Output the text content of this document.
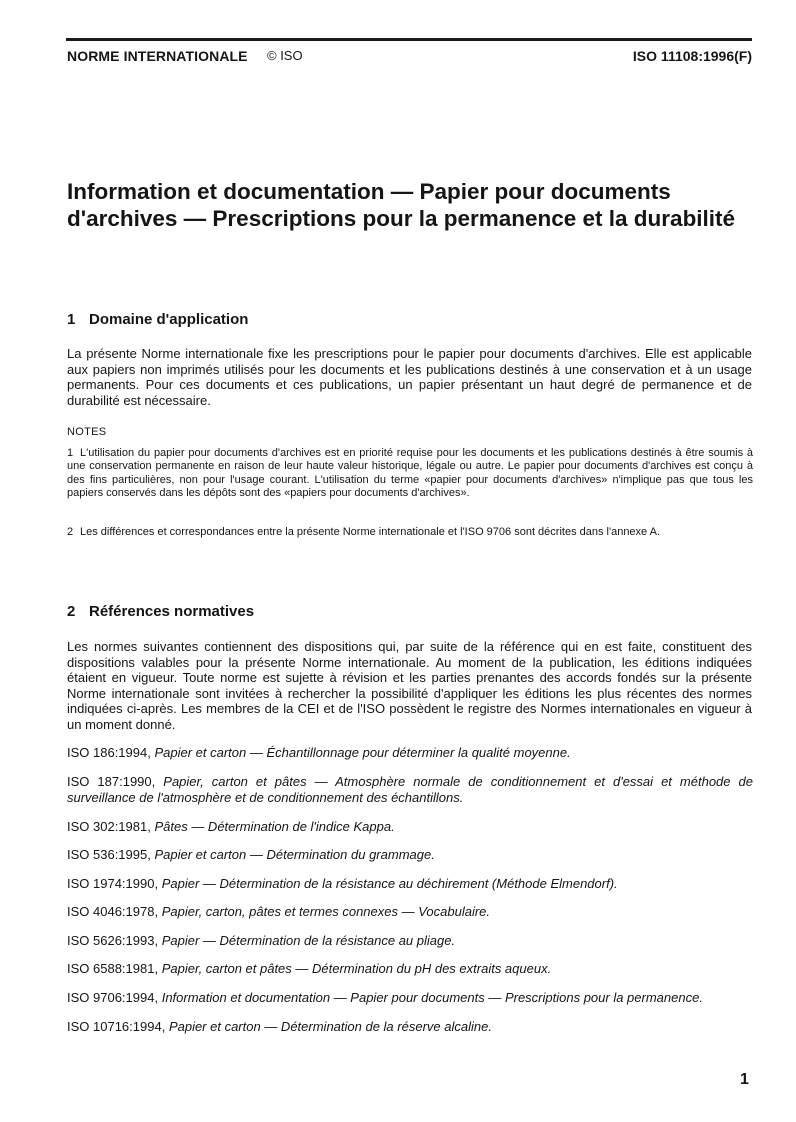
NORME INTERNATIONALE © ISO	ISO 11108:1996(F)
Information et documentation — Papier pour documents d'archives — Prescriptions pour la permanence et la durabilité
1 Domaine d'application
La présente Norme internationale fixe les prescriptions pour le papier pour documents d'archives. Elle est applicable aux papiers non imprimés utilisés pour les documents et les publications destinés à une conservation et à un usage permanents. Pour ces documents et ces publications, un papier présentant un haut degré de permanence et de durabilité est nécessaire.
NOTES
1 L'utilisation du papier pour documents d'archives est en priorité requise pour les documents et les publications destinés à être soumis à une conservation permanente en raison de leur haute valeur historique, légale ou autre. Le papier pour documents d'archives est conçu à des fins particulières, non pour l'usage courant. L'utilisation du terme «papier pour documents d'archives» n'implique pas que tous les papiers conservés dans les dépôts sont des «papiers pour documents d'archives».
2 Les différences et correspondances entre la présente Norme internationale et l'ISO 9706 sont décrites dans l'annexe A.
2 Références normatives
Les normes suivantes contiennent des dispositions qui, par suite de la référence qui en est faite, constituent des dispositions valables pour la présente Norme internationale. Au moment de la publication, les éditions indiquées étaient en vigueur. Toute norme est sujette à révision et les parties prenantes des accords fondés sur la présente Norme internationale sont invitées à rechercher la possibilité d'appliquer les éditions les plus récentes des normes indiquées ci-après. Les membres de la CEI et de l'ISO possèdent le registre des Normes internationales en vigueur à un moment donné.
ISO 186:1994, Papier et carton — Échantillonnage pour déterminer la qualité moyenne.
ISO 187:1990, Papier, carton et pâtes — Atmosphère normale de conditionnement et d'essai et méthode de surveillance de l'atmosphère et de conditionnement des échantillons.
ISO 302:1981, Pâtes — Détermination de l'indice Kappa.
ISO 536:1995, Papier et carton — Détermination du grammage.
ISO 1974:1990, Papier — Détermination de la résistance au déchirement (Méthode Elmendorf).
ISO 4046:1978, Papier, carton, pâtes et termes connexes — Vocabulaire.
ISO 5626:1993, Papier — Détermination de la résistance au pliage.
ISO 6588:1981, Papier, carton et pâtes — Détermination du pH des extraits aqueux.
ISO 9706:1994, Information et documentation — Papier pour documents — Prescriptions pour la permanence.
ISO 10716:1994, Papier et carton — Détermination de la réserve alcaline.
1
